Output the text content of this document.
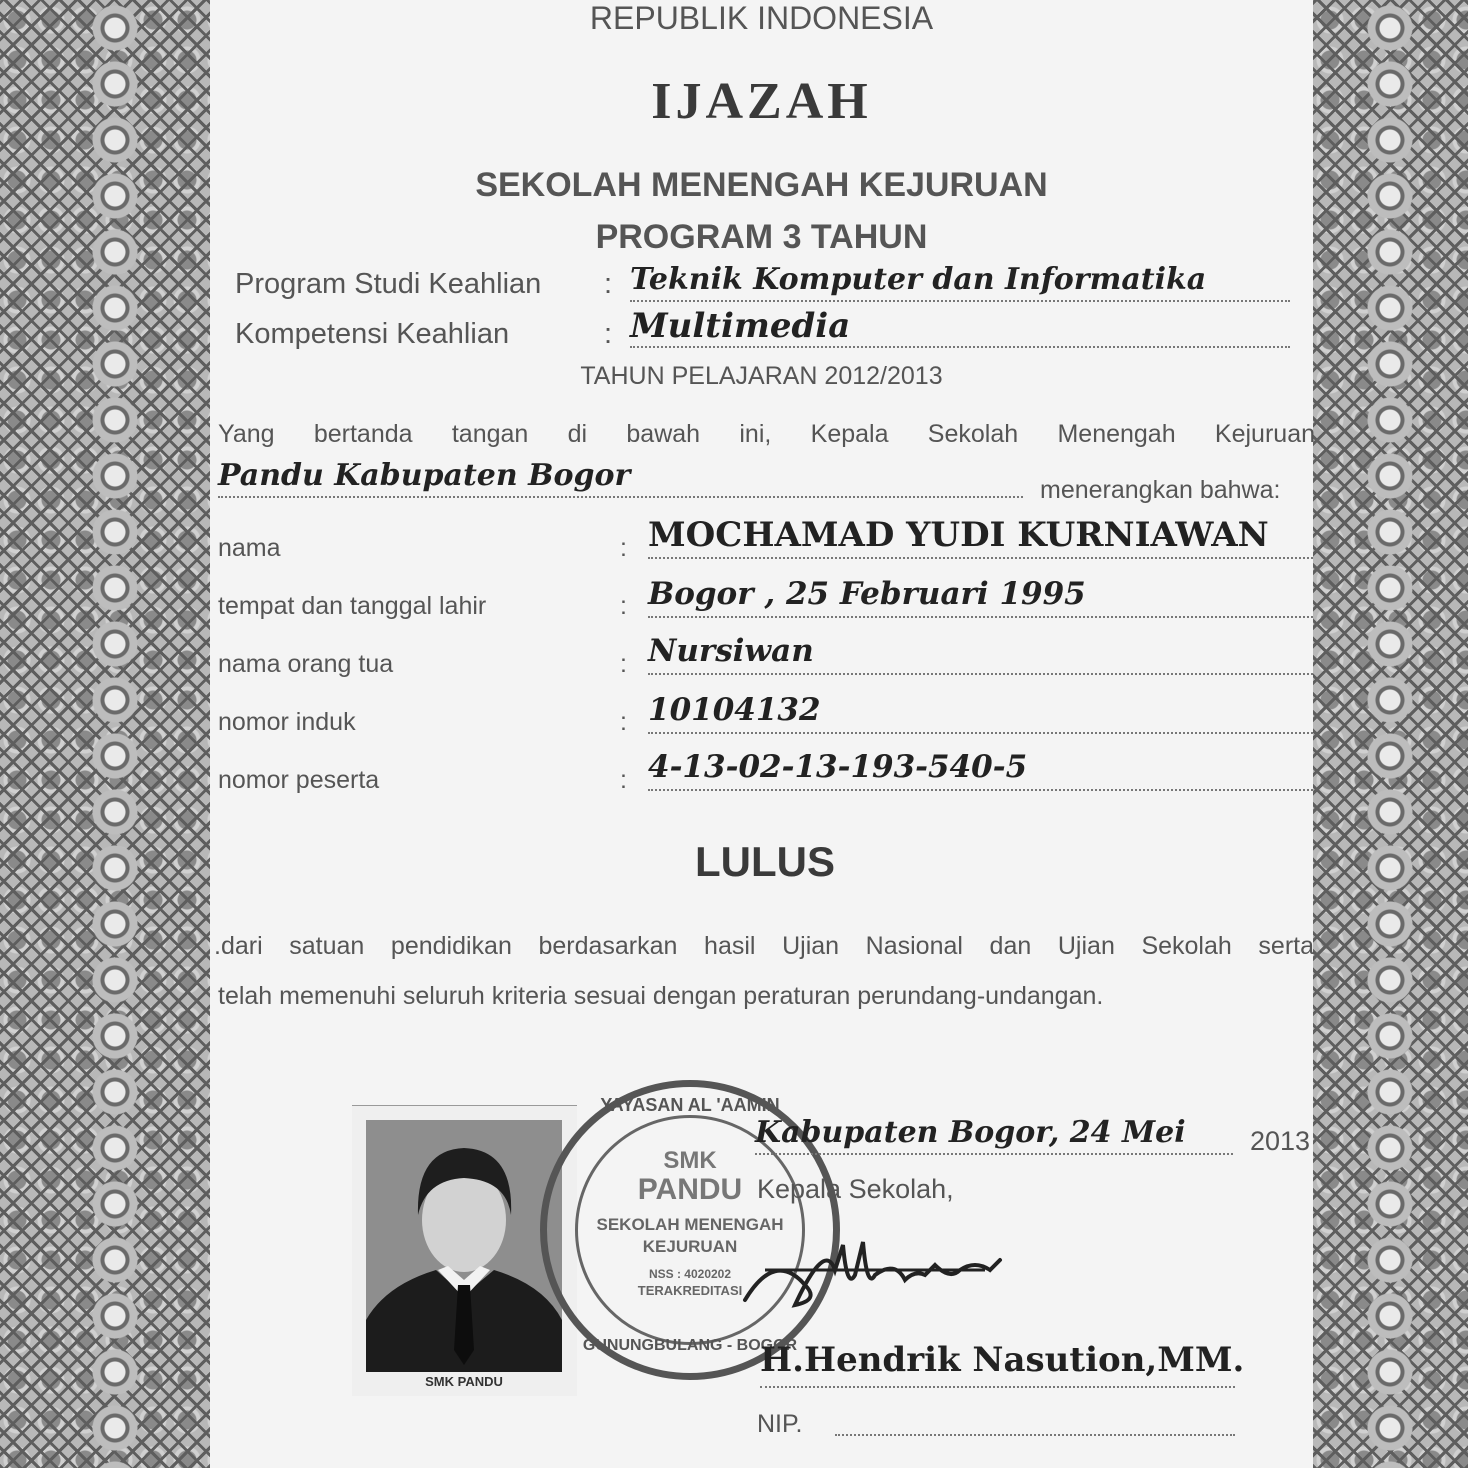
REPUBLIK INDONESIA
IJAZAH
SEKOLAH MENENGAH KEJURUAN
PROGRAM 3 TAHUN
Program Studi Keahlian : Teknik Komputer dan Informatika
Kompetensi Keahlian	: Multimedia
TAHUN PELAJARAN 2012/2013
Yang bertanda tangan di bawah ini, Kepala Sekolah Menengah Kejuruan
Pandu Kabupaten Bogor	menerangkan bahwa:
nama	: MOCHAMAD YUDI KURNIAWAN
tempat dan tanggal lahir	: Bogor , 25 Februari 1995
nama orang tua	: Nursiwan
nomor induk	: 10104132
nomor peserta	: 4-13-02-13-193-540-5
LULUS
.dari satuan pendidikan berdasarkan hasil Ujian Nasional dan Ujian Sekolah serta
telah memenuhi seluruh kriteria sesuai dengan peraturan perundang-undangan.
SMK PANDU
YAYASAN AL 'AAMIN
SMK
PANDU
SEKOLAH MENENGAH
KEJURUAN
NSS : 4020202
TERAKREDITASI
GUNUNGBULANG - BOGOR
Kabupaten Bogor, 24 Mei	2013
Kepala Sekolah,
H.Hendrik Nasution,MM.
NIP.
